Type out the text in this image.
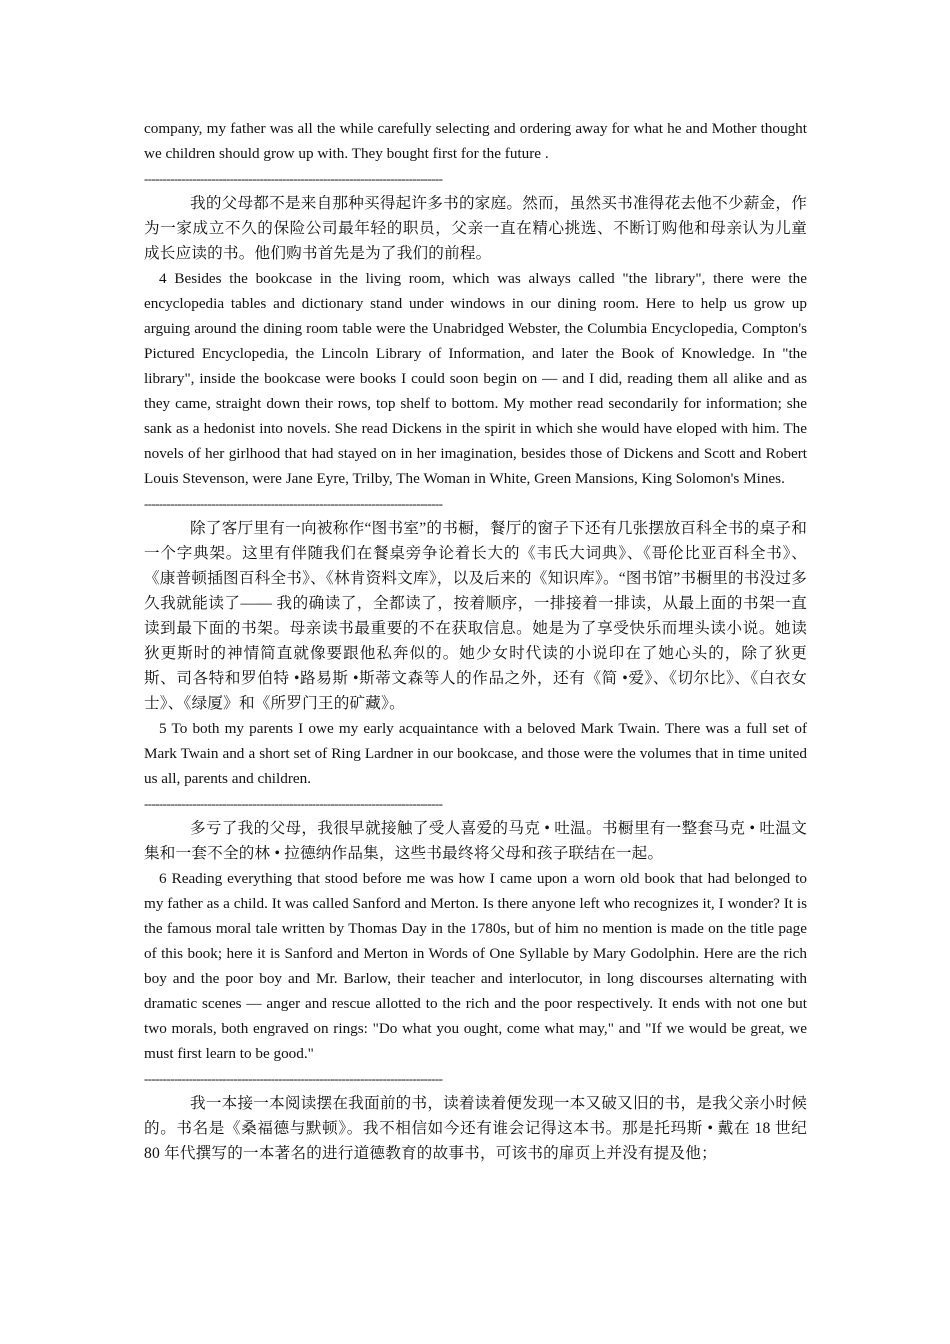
company, my father was all the while carefully selecting and ordering away for what he and Mother thought we children should grow up with. They bought first for the future .

--------------------------------------------------------------------------------

我的父母都不是来自那种买得起许多书的家庭。然而，虽然买书准得花去他不少薪金，作为一家成立不久的保险公司最年轻的职员，父亲一直在精心挑选、不断订购他和母亲认为儿童成长应读的书。他们购书首先是为了我们的前程。

4 Besides the bookcase in the living room, which was always called "the library", there were the encyclopedia tables and dictionary stand under windows in our dining room. Here to help us grow up arguing around the dining room table were the Unabridged Webster, the Columbia Encyclopedia, Compton's Pictured Encyclopedia, the Lincoln Library of Information, and later the Book of Knowledge. In "the library", inside the bookcase were books I could soon begin on — and I did, reading them all alike and as they came, straight down their rows, top shelf to bottom. My mother read secondarily for information; she sank as a hedonist into novels. She read Dickens in the spirit in which she would have eloped with him. The novels of her girlhood that had stayed on in her imagination, besides those of Dickens and Scott and Robert Louis Stevenson, were Jane Eyre, Trilby, The Woman in White, Green Mansions, King Solomon's Mines.

--------------------------------------------------------------------------------

除了客厅里有一向被称作“图书室”的书橱，餐厅的窗子下还有几张摆放百科全书的桌子和一个字典架。这里有伴随我们在餐桌旁争论着长大的《韦氏大词典》、《哥伦比亚百科全书》、《康普顿插图百科全书》、《林肯资料文库》，以及后来的《知识库》。“图书馆”书橱里的书没过多久我就能读了—— 我的确读了，全都读了，按着顺序，一排接着一排读，从最上面的书架一直读到最下面的书架。母亲读书最重要的不在获取信息。她是为了享受快乐而埋头读小说。她读狄更斯时的神情简直就像要跟他私奔似的。她少女时代读的小说印在了她心头的，除了狄更斯、司各特和罗伯特 •路易斯 •斯蒂文森等人的作品之外，还有《简 •爱》、《切尔比》、《白衣女士》、《绿厦》和《所罗门王的矿藏》。

5 To both my parents I owe my early acquaintance with a beloved Mark Twain. There was a full set of Mark Twain and a short set of Ring Lardner in our bookcase, and those were the volumes that in time united us all, parents and children.

--------------------------------------------------------------------------------

多亏了我的父母，我很早就接触了受人喜爱的马克 • 吐温。书橱里有一整套马克 • 吐温文集和一套不全的林 • 拉德纳作品集，这些书最终将父母和孩子联结在一起。

6 Reading everything that stood before me was how I came upon a worn old book that had belonged to my father as a child. It was called Sanford and Merton. Is there anyone left who recognizes it, I wonder? It is the famous moral tale written by Thomas Day in the 1780s, but of him no mention is made on the title page of this book; here it is Sanford and Merton in Words of One Syllable by Mary Godolphin. Here are the rich boy and the poor boy and Mr. Barlow, their teacher and interlocutor, in long discourses alternating with dramatic scenes — anger and rescue allotted to the rich and the poor respectively. It ends with not one but two morals, both engraved on rings: "Do what you ought, come what may," and "If we would be great, we must first learn to be good."

--------------------------------------------------------------------------------

我一本接一本阅读摆在我面前的书，读着读着便发现一本又破又旧的书，是我父亲小时候的。书名是《桑福德与默顿》。我不相信如今还有谁会记得这本书。那是托玛斯 • 戴在 18 世纪 80 年代撰写的一本著名的进行道德教育的故事书，可该书的扉页上并没有提及他；
